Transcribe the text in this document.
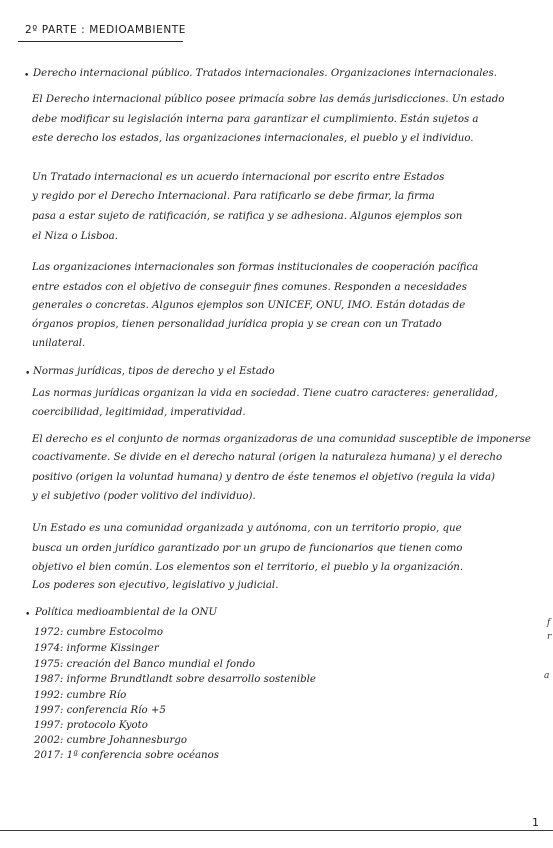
2º PARTE : MEDIOAMBIENTE
• Derecho internacional público. Tratados internacionales. Organizaciones internacionales.
El Derecho internacional público posee primacía sobre las demás jurisdicciones. Un estado
debe modificar su legislación interna para garantizar el cumplimiento. Están sujetos a
este derecho los estados, las organizaciones internacionales, el pueblo y el individuo.
Un Tratado internacional es un acuerdo internacional por escrito entre Estados
y regido por el Derecho Internacional. Para ratificarlo se debe firmar, la firma
pasa a estar sujeto de ratificación, se ratifica y se adhesiona. Algunos ejemplos son
el Niza o Lisboa.
Las organizaciones internacionales son formas institucionales de cooperación pacífica
entre estados con el objetivo de conseguir fines comunes. Responden a necesidades
generales o concretas. Algunos ejemplos son UNICEF, ONU, IMO. Están dotadas de
órganos propios, tienen personalidad jurídica propia y se crean con un Tratado
unilateral.
• Normas jurídicas, tipos de derecho y el Estado
Las normas jurídicas organizan la vida en sociedad. Tiene cuatro caracteres: generalidad,
coercibilidad, legitimidad, imperatividad.
El derecho es el conjunto de normas organizadoras de una comunidad susceptible de imponerse
coactivamente. Se divide en el derecho natural (origen la naturaleza humana) y el derecho
positivo (origen la voluntad humana) y dentro de éste tenemos el objetivo (regula la vida)
y el subjetivo (poder volitivo del individuo).
Un Estado es una comunidad organizada y autónoma, con un territorio propio, que
busca un orden jurídico garantizado por un grupo de funcionarios que tienen como
objetivo el bien común. Los elementos son el territorio, el pueblo y la organización.
Los poderes son ejecutivo, legislativo y judicial.
• Política medioambiental de la ONU
1972: cumbre Estocolmo
1974: informe Kissinger
1975: creación del Banco mundial el fondo
1987: informe Brundtlandt sobre desarrollo sostenible
1992: cumbre Río
1997: conferencia Río +5
1997: protocolo Kyoto
2002: cumbre Johannesburgo
2017: 1ª conferencia sobre océanos
f
r
a
1
